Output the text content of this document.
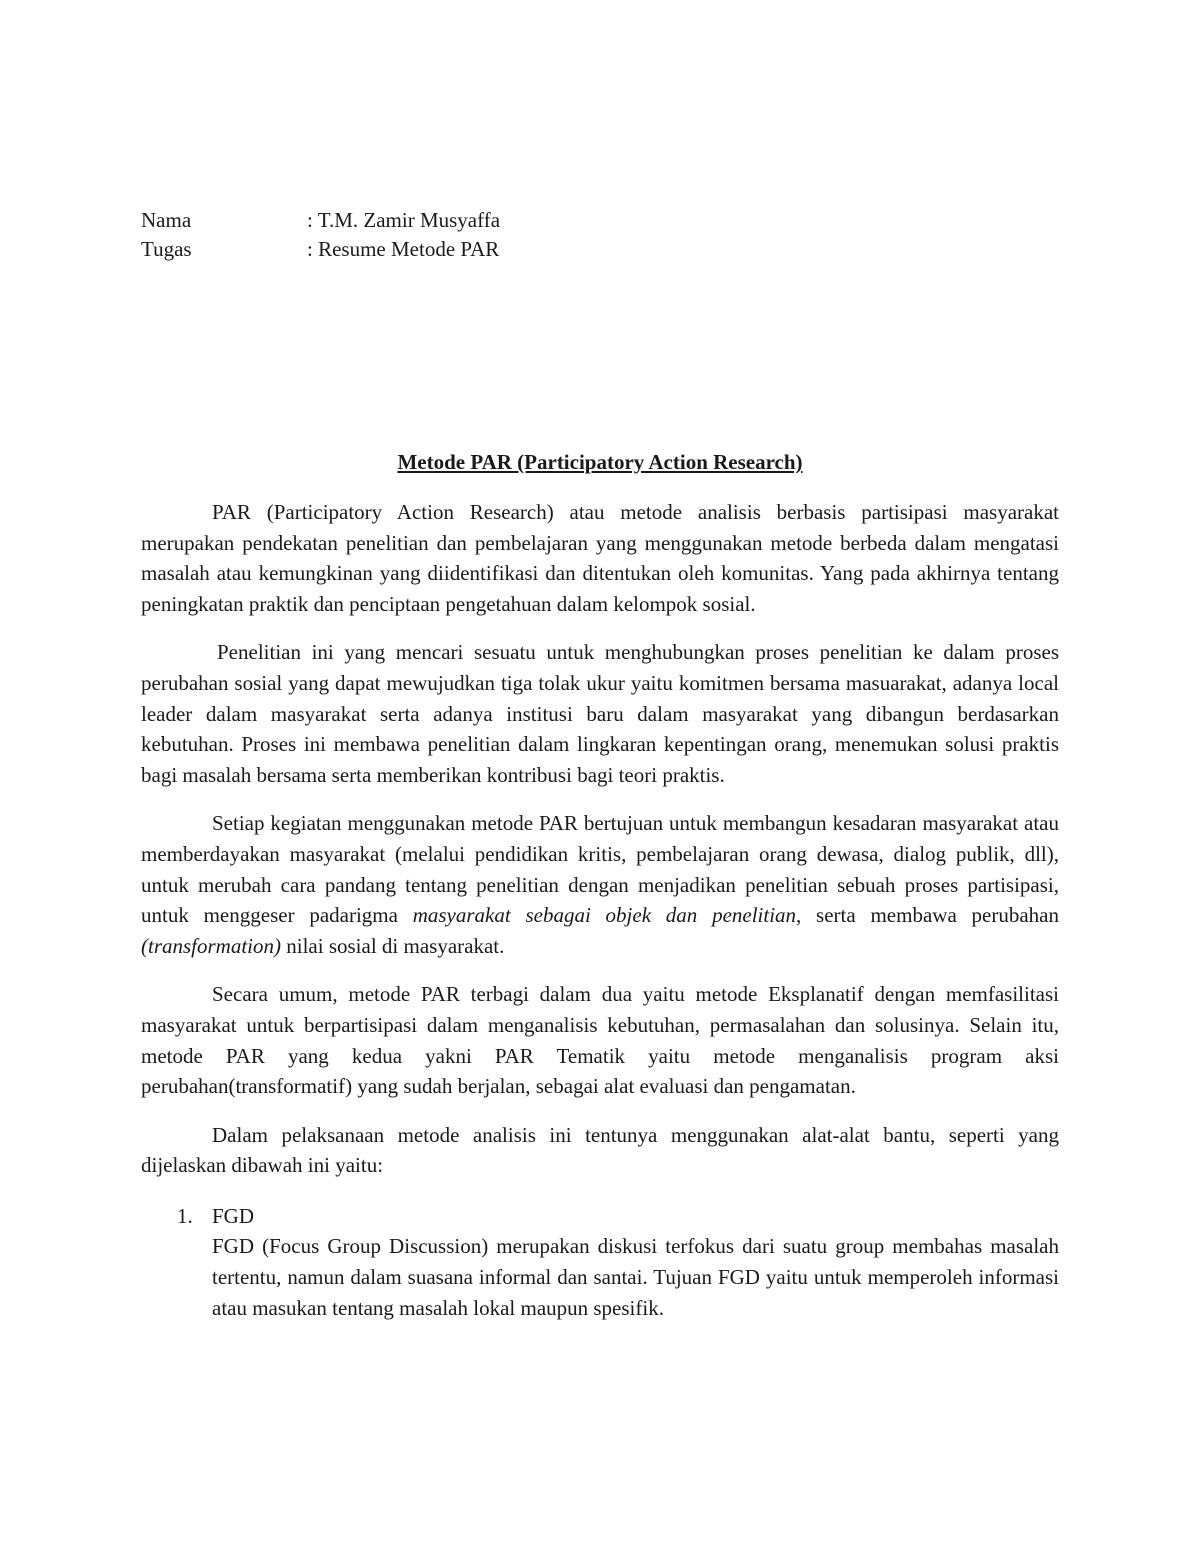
Nama	: T.M. Zamir Musyaffa
Tugas	: Resume Metode PAR
Metode PAR (Participatory Action Research)

PAR (Participatory Action Research) atau metode analisis berbasis partisipasi masyarakat merupakan pendekatan penelitian dan pembelajaran yang menggunakan metode berbeda dalam mengatasi masalah atau kemungkinan yang diidentifikasi dan ditentukan oleh komunitas. Yang pada akhirnya tentang peningkatan praktik dan penciptaan pengetahuan dalam kelompok sosial.

Penelitian ini yang mencari sesuatu untuk menghubungkan proses penelitian ke dalam proses perubahan sosial yang dapat mewujudkan tiga tolak ukur yaitu komitmen bersama masuarakat, adanya local leader dalam masyarakat serta adanya institusi baru dalam masyarakat yang dibangun berdasarkan kebutuhan. Proses ini membawa penelitian dalam lingkaran kepentingan orang, menemukan solusi praktis bagi masalah bersama serta memberikan kontribusi bagi teori praktis.

Setiap kegiatan menggunakan metode PAR bertujuan untuk membangun kesadaran masyarakat atau memberdayakan masyarakat (melalui pendidikan kritis, pembelajaran orang dewasa, dialog publik, dll), untuk merubah cara pandang tentang penelitian dengan menjadikan penelitian sebuah proses partisipasi, untuk menggeser padarigma masyarakat sebagai objek dan penelitian, serta membawa perubahan (transformation) nilai sosial di masyarakat.

Secara umum, metode PAR terbagi dalam dua yaitu metode Eksplanatif dengan memfasilitasi masyarakat untuk berpartisipasi dalam menganalisis kebutuhan, permasalahan dan solusinya. Selain itu, metode PAR yang kedua yakni PAR Tematik yaitu metode menganalisis program aksi perubahan(transformatif) yang sudah berjalan, sebagai alat evaluasi dan pengamatan.

Dalam pelaksanaan metode analisis ini tentunya menggunakan alat-alat bantu, seperti yang dijelaskan dibawah ini yaitu:

1. FGD
FGD (Focus Group Discussion) merupakan diskusi terfokus dari suatu group membahas masalah tertentu, namun dalam suasana informal dan santai. Tujuan FGD yaitu untuk memperoleh informasi atau masukan tentang masalah lokal maupun spesifik.
